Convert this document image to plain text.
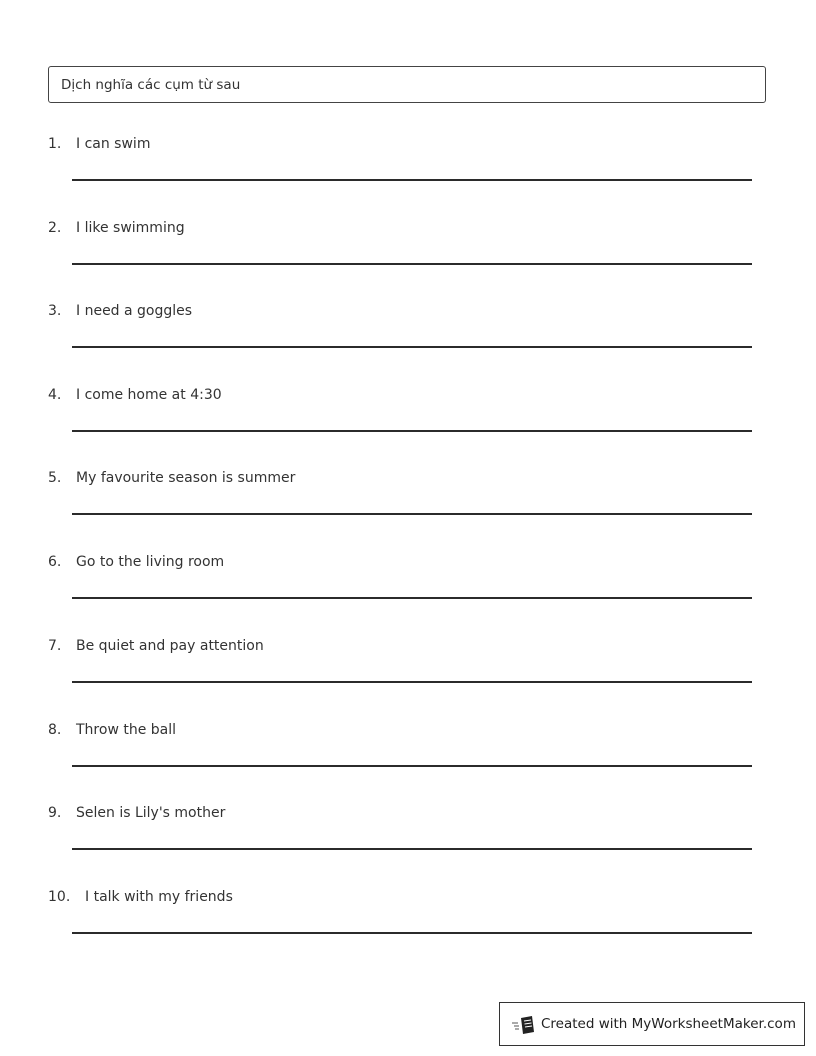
Dịch nghĩa các cụm từ sau
1. I can swim
2. I like swimming
3. I need a goggles
4. I come home at 4:30
5. My favourite season is summer
6. Go to the living room
7. Be quiet and pay attention
8. Throw the ball
9. Selen is Lily's mother
10. I talk with my friends
Created with MyWorksheetMaker.com
